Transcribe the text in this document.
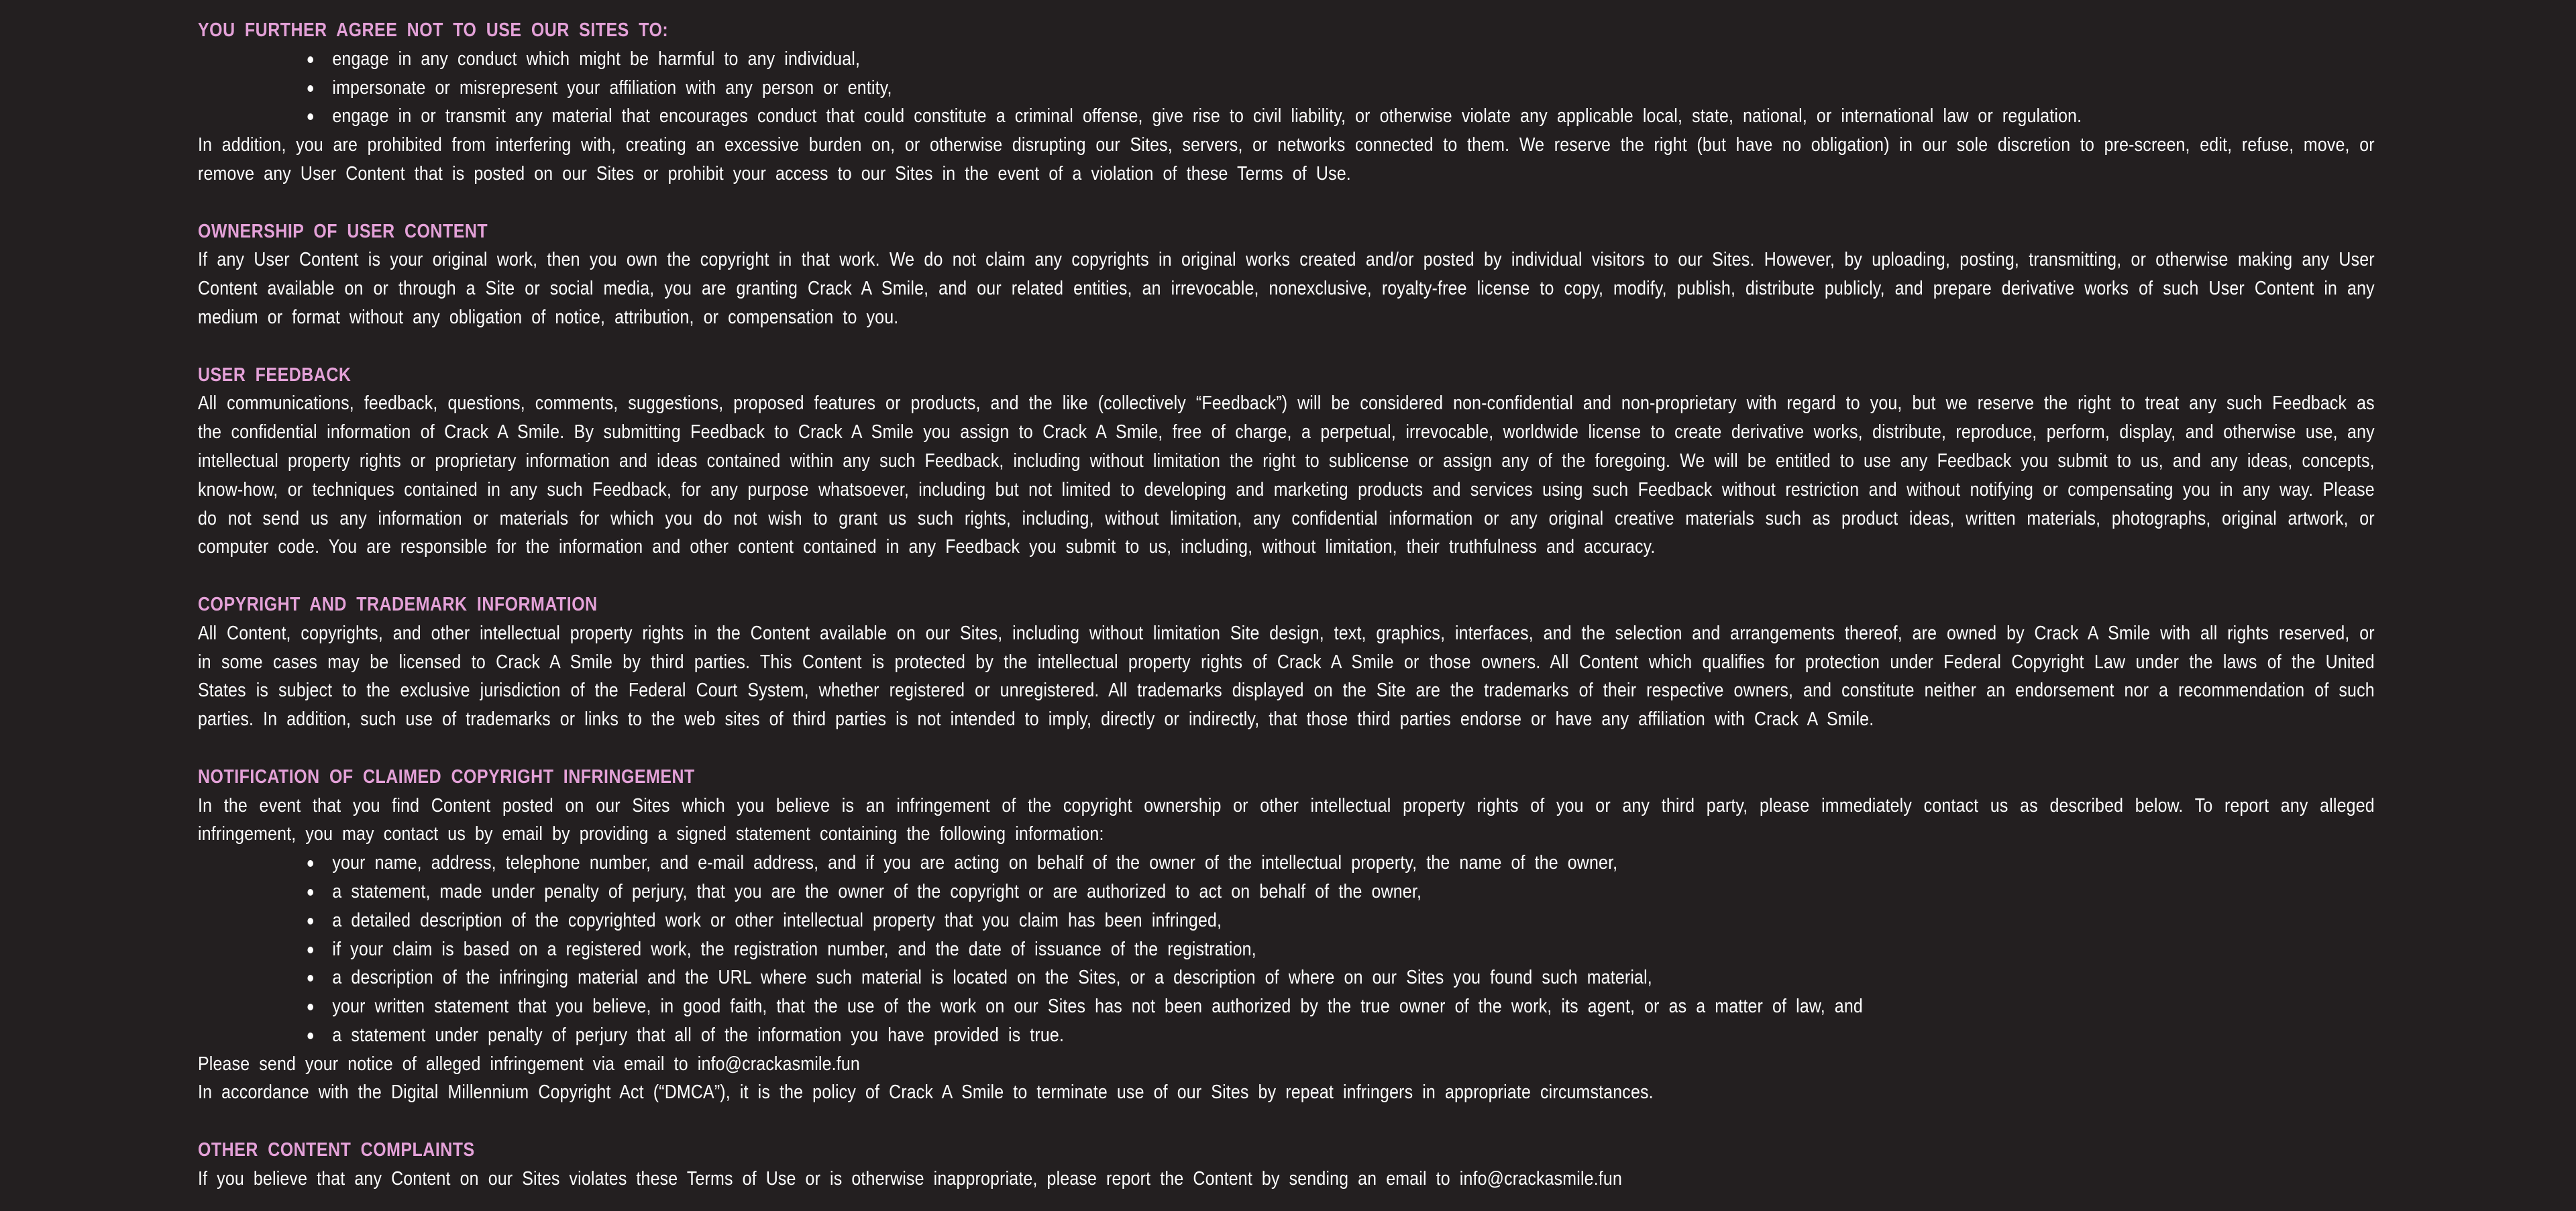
YOU FURTHER AGREE NOT TO USE OUR SITES TO:

engage in any conduct which might be harmful to any individual,
impersonate or misrepresent your affiliation with any person or entity,
engage in or transmit any material that encourages conduct that could constitute a criminal offense, give rise to civil liability, or otherwise violate any applicable local, state, national, or international law or regulation.

In addition, you are prohibited from interfering with, creating an excessive burden on, or otherwise disrupting our Sites, servers, or networks connected to them. We reserve the right (but have no obligation) in our sole discretion to pre-screen, edit, refuse, move, or remove any User Content that is posted on our Sites or prohibit your access to our Sites in the event of a violation of these Terms of Use.

OWNERSHIP OF USER CONTENT

If any User Content is your original work, then you own the copyright in that work. We do not claim any copyrights in original works created and/or posted by individual visitors to our Sites. However, by uploading, posting, transmitting, or otherwise making any User Content available on or through a Site or social media, you are granting Crack A Smile, and our related entities, an irrevocable, nonexclusive, royalty-free license to copy, modify, publish, distribute publicly, and prepare derivative works of such User Content in any medium or format without any obligation of notice, attribution, or compensation to you.

USER FEEDBACK

All communications, feedback, questions, comments, suggestions, proposed features or products, and the like (collectively “Feedback”) will be considered non-confidential and non-proprietary with regard to you, but we reserve the right to treat any such Feedback as the confidential information of Crack A Smile. By submitting Feedback to Crack A Smile you assign to Crack A Smile, free of charge, a perpetual, irrevocable, worldwide license to create derivative works, distribute, reproduce, perform, display, and otherwise use, any intellectual property rights or proprietary information and ideas contained within any such Feedback, including without limitation the right to sublicense or assign any of the foregoing. We will be entitled to use any Feedback you submit to us, and any ideas, concepts, know-how, or techniques contained in any such Feedback, for any purpose whatsoever, including but not limited to developing and marketing products and services using such Feedback without restriction and without notifying or compensating you in any way. Please do not send us any information or materials for which you do not wish to grant us such rights, including, without limitation, any confidential information or any original creative materials such as product ideas, written materials, photographs, original artwork, or computer code. You are responsible for the information and other content contained in any Feedback you submit to us, including, without limitation, their truthfulness and accuracy.

COPYRIGHT AND TRADEMARK INFORMATION

All Content, copyrights, and other intellectual property rights in the Content available on our Sites, including without limitation Site design, text, graphics, interfaces, and the selection and arrangements thereof, are owned by Crack A Smile with all rights reserved, or in some cases may be licensed to Crack A Smile by third parties. This Content is protected by the intellectual property rights of Crack A Smile or those owners. All Content which qualifies for protection under Federal Copyright Law under the laws of the United States is subject to the exclusive jurisdiction of the Federal Court System, whether registered or unregistered. All trademarks displayed on the Site are the trademarks of their respective owners, and constitute neither an endorsement nor a recommendation of such parties. In addition, such use of trademarks or links to the web sites of third parties is not intended to imply, directly or indirectly, that those third parties endorse or have any affiliation with Crack A Smile.

NOTIFICATION OF CLAIMED COPYRIGHT INFRINGEMENT

In the event that you find Content posted on our Sites which you believe is an infringement of the copyright ownership or other intellectual property rights of you or any third party, please immediately contact us as described below. To report any alleged infringement, you may contact us by email by providing a signed statement containing the following information:

your name, address, telephone number, and e-mail address, and if you are acting on behalf of the owner of the intellectual property, the name of the owner,
a statement, made under penalty of perjury, that you are the owner of the copyright or are authorized to act on behalf of the owner,
a detailed description of the copyrighted work or other intellectual property that you claim has been infringed,
if your claim is based on a registered work, the registration number, and the date of issuance of the registration,
a description of the infringing material and the URL where such material is located on the Sites, or a description of where on our Sites you found such material,
your written statement that you believe, in good faith, that the use of the work on our Sites has not been authorized by the true owner of the work, its agent, or as a matter of law, and
a statement under penalty of perjury that all of the information you have provided is true.

Please send your notice of alleged infringement via email to info@crackasmile.fun

In accordance with the Digital Millennium Copyright Act (“DMCA”), it is the policy of Crack A Smile to terminate use of our Sites by repeat infringers in appropriate circumstances.

OTHER CONTENT COMPLAINTS

If you believe that any Content on our Sites violates these Terms of Use or is otherwise inappropriate, please report the Content by sending an email to info@crackasmile.fun
